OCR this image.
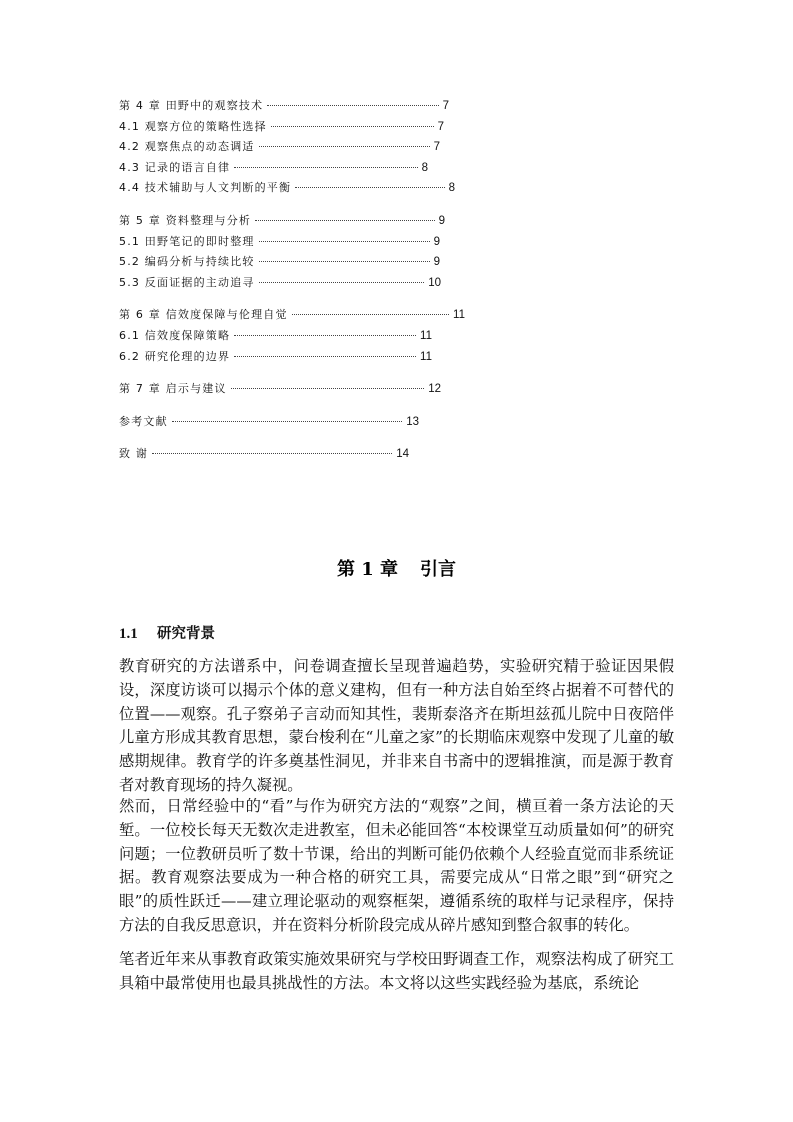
第 4 章 田野中的观察技术	7
4.1 观察方位的策略性选择	7
4.2 观察焦点的动态调适	7
4.3 记录的语言自律	8
4.4 技术辅助与人文判断的平衡	8
第 5 章 资料整理与分析	9
5.1 田野笔记的即时整理	9
5.2 编码分析与持续比较	9
5.3 反面证据的主动追寻	10
第 6 章 信效度保障与伦理自觉	11
6.1 信效度保障策略	11
6.2 研究伦理的边界	11
第 7 章 启示与建议	12
参考文献	13
致 谢	14
第 1 章 引言
1.1 研究背景

教育研究的方法谱系中，问卷调查擅长呈现普遍趋势，实验研究精于验证因果假设，深度访谈可以揭示个体的意义建构，但有一种方法自始至终占据着不可替代的位置——观察。孔子察弟子言动而知其性，裴斯泰洛齐在斯坦兹孤儿院中日夜陪伴儿童方形成其教育思想，蒙台梭利在“儿童之家”的长期临床观察中发现了儿童的敏感期规律。教育学的许多奠基性洞见，并非来自书斋中的逻辑推演，而是源于教育者对教育现场的持久凝视。

然而，日常经验中的“看”与作为研究方法的“观察”之间，横亘着一条方法论的天堑。一位校长每天无数次走进教室，但未必能回答“本校课堂互动质量如何”的研究问题；一位教研员听了数十节课，给出的判断可能仍依赖个人经验直觉而非系统证据。教育观察法要成为一种合格的研究工具，需要完成从“日常之眼”到“研究之眼”的质性跃迁——建立理论驱动的观察框架，遵循系统的取样与记录程序，保持方法的自我反思意识，并在资料分析阶段完成从碎片感知到整合叙事的转化。

笔者近年来从事教育政策实施效果研究与学校田野调查工作，观察法构成了研究工具箱中最常使用也最具挑战性的方法。本文将以这些实践经验为基底，系统论
